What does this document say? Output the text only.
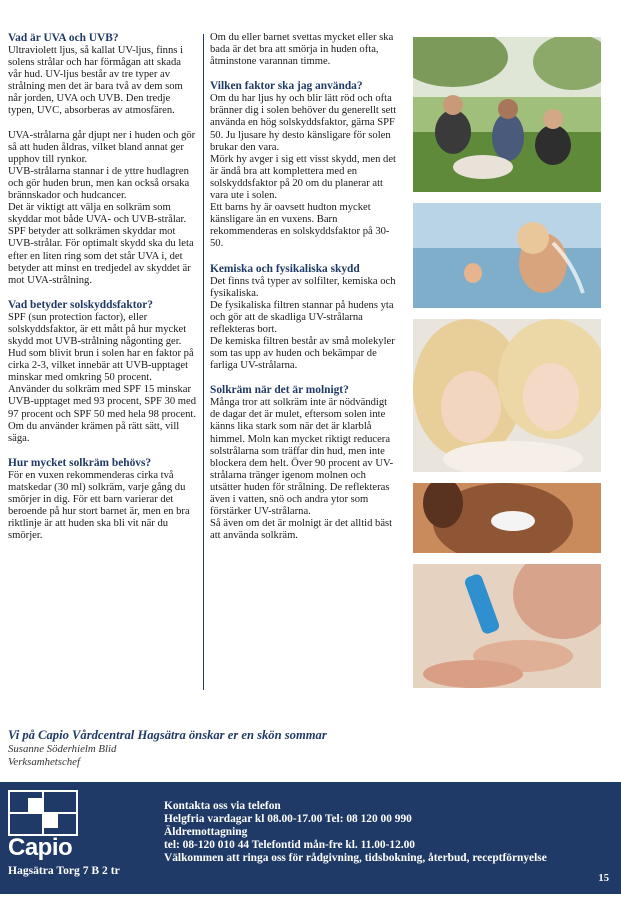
Vad är UVA och UVB?

Ultraviolett ljus, så kallat UV-ljus, finns i solens strålar och har förmågan att skada vår hud. UV-ljus består av tre typer av strålning men det är bara två av dem som når jorden, UVA och UVB. Den tredje typen, UVC, absorberas av atmosfären.

UVA-strålarna går djupt ner i huden och gör så att huden åldras, vilket bland annat ger upphov till rynkor.

UVB-strålarna stannar i de yttre hudlagren och gör huden brun, men kan också orsaka brännskador och hudcancer.

Det är viktigt att välja en solkräm som skyddar mot både UVA- och UVB-strålar.

SPF betyder att solkrämen skyddar mot UVB-strålar. För optimalt skydd ska du leta efter en liten ring som det står UVA i, det betyder att minst en tredjedel av skyddet är mot UVA-strålning.

Vad betyder solskyddsfaktor?

SPF (sun protection factor), eller solskyddsfaktor, är ett mått på hur mycket skydd mot UVB-strålning någonting ger. Hud som blivit brun i solen har en faktor på cirka 2-3, vilket innebär att UVB-upptaget minskar med omkring 50 procent.

Använder du solkräm med SPF 15 minskar UVB-upptaget med 93 procent, SPF 30 med 97 procent och SPF 50 med hela 98 procent.

Om du använder krämen på rätt sätt, vill säga.

Hur mycket solkräm behövs?

För en vuxen rekommenderas cirka två matskedar (30 ml) solkräm, varje gång du smörjer in dig. För ett barn varierar det beroende på hur stort barnet är, men en bra riktlinje är att huden ska bli vit när du smörjer.

Om du eller barnet svettas mycket eller ska bada är det bra att smörja in huden ofta, åtminstone varannan timme.

Vilken faktor ska jag använda?

Om du har ljus hy och blir lätt röd och ofta bränner dig i solen behöver du generellt sett använda en hög solskyddsfaktor, gärna SPF 50. Ju ljusare hy desto känsligare för solen brukar den vara.

Mörk hy avger i sig ett visst skydd, men det är ändå bra att komplettera med en solskyddsfaktor på 20 om du planerar att vara ute i solen.

Ett barns hy är oavsett hudton mycket känsligare än en vuxens. Barn rekommenderas en solskyddsfaktor på 30-50.

Kemiska och fysikaliska skydd

Det finns två typer av solfilter, kemiska och fysikaliska.

De fysikaliska filtren stannar på hudens yta och gör att de skadliga UV-strålarna reflekteras bort.

De kemiska filtren består av små molekyler som tas upp av huden och bekämpar de farliga UV-strålarna.

Solkräm när det är molnigt?

Många tror att solkräm inte är nödvändigt de dagar det är mulet, eftersom solen inte känns lika stark som när det är klarblå himmel. Moln kan mycket riktigt reducera solstrålarna som träffar din hud, men inte blockera dem helt. Över 90 procent av UV-strålarna tränger igenom molnen och utsätter huden för strålning. De reflekteras även i vatten, snö och andra ytor som förstärker UV-strålarna.

Så även om det är molnigt är det alltid bäst att använda solkräm.

Vi på Capio Vårdcentral Hagsätra önskar er en skön sommar
Susanne Söderhielm Blid
Verksamhetschef
Capio
Hagsätra Torg 7 B 2 tr
Kontakta oss via telefon
Helgfria vardagar kl 08.00-17.00 Tel: 08 120 00 990
Äldremottagning
tel: 08-120 010 44 Telefontid mån-fre kl. 11.00-12.00
Välkommen att ringa oss för rådgivning, tidsbokning, återbud, receptförnyelse
15
